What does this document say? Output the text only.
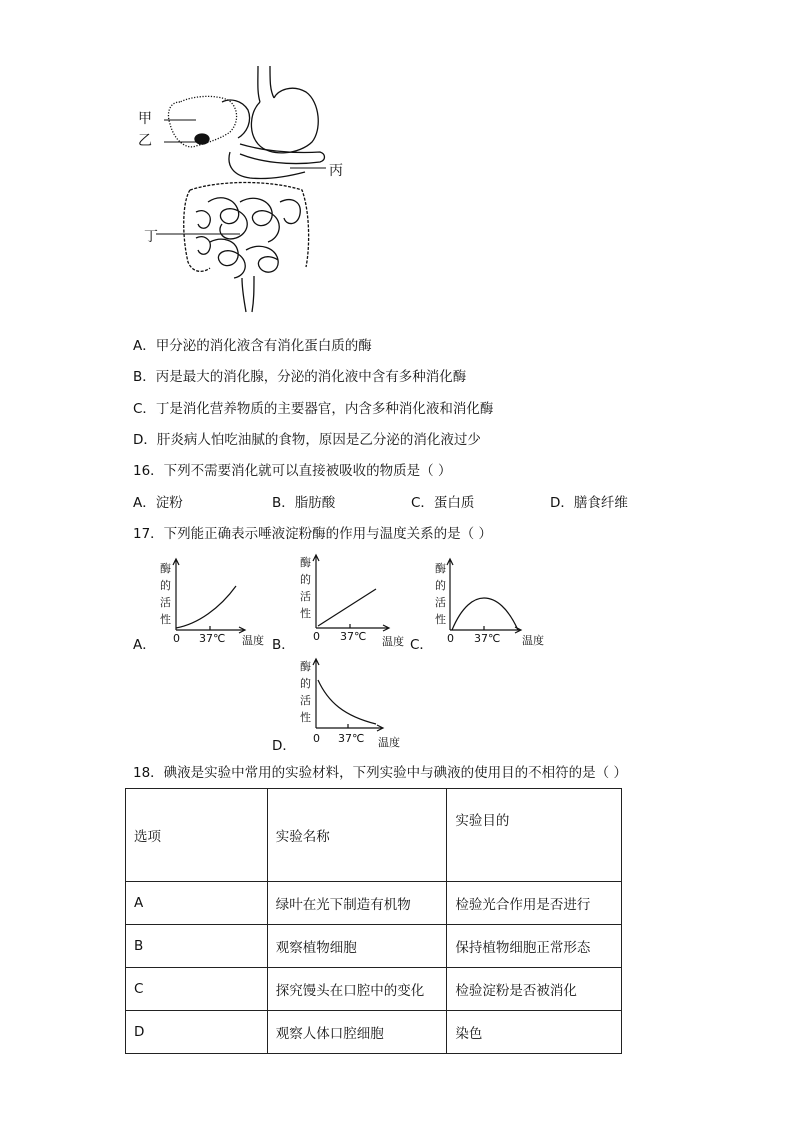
甲
乙
丙
丁
A．甲分泌的消化液含有消化蛋白质的酶
B．丙是最大的消化腺，分泌的消化液中含有多种消化酶
C．丁是消化营养物质的主要器官，内含多种消化液和消化酶
D．肝炎病人怕吃油腻的食物，原因是乙分泌的消化液过少
16．下列不需要消化就可以直接被吸收的物质是（ ）
A．淀粉	B．脂肪酸	C．蛋白质	D．膳食纤维
17．下列能正确表示唾液淀粉酶的作用与温度关系的是（ ）
A．	B．	C．
D．
酶
的
活
性
0 37℃ 温度
酶
的
活
性
0 37℃ 温度
酶
的
活
性
0 37℃ 温度
酶
的
活
性
0 37℃ 温度
18．碘液是实验中常用的实验材料，下列实验中与碘液的使用目的不相符的是（ ）
选项	实验名称	实验目的
A	绿叶在光下制造有机物	检验光合作用是否进行
B	观察植物细胞	保持植物细胞正常形态
C	探究馒头在口腔中的变化	检验淀粉是否被消化
D	观察人体口腔细胞	染色
